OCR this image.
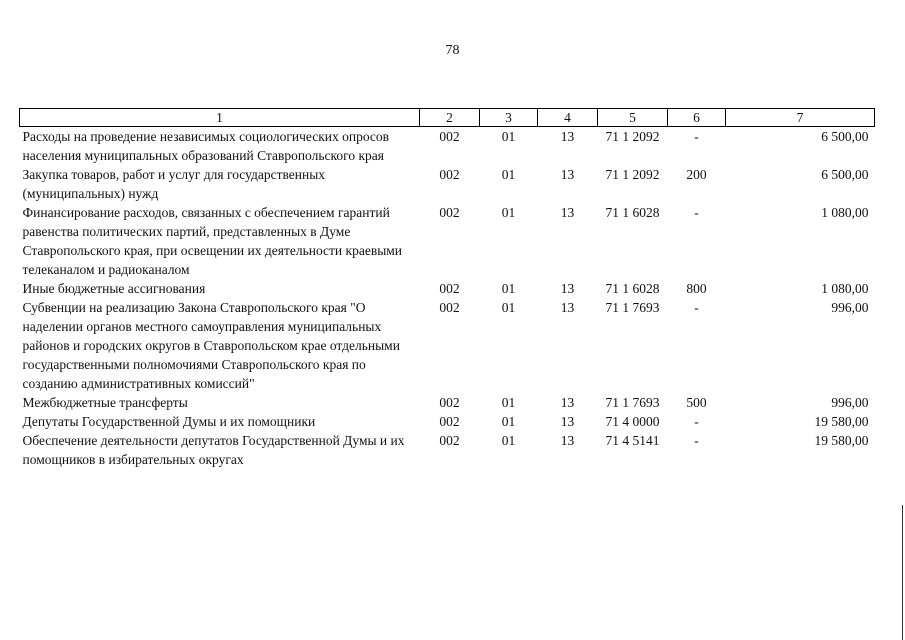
78
1	2	3	4	5	6	7
Расходы на проведение независимых социологических опросов населения муниципальных образований Ставропольского края	002	01	13	71 1 2092	-	6 500,00
Закупка товаров, работ и услуг для государственных (муниципальных) нужд	002	01	13	71 1 2092	200	6 500,00
Финансирование расходов, связанных с обеспечением гарантий равенства политических партий, представленных в Думе Ставропольского края, при освещении их деятельности краевыми телеканалом и радиоканалом	002	01	13	71 1 6028	-	1 080,00
Иные бюджетные ассигнования	002	01	13	71 1 6028	800	1 080,00
Субвенции на реализацию Закона Ставропольского края "О наделении органов местного самоуправления муниципальных районов и городских округов в Ставропольском крае отдельными государственными полномочиями Ставропольского края по созданию административных комиссий"	002	01	13	71 1 7693	-	996,00
Межбюджетные трансферты	002	01	13	71 1 7693	500	996,00
Депутаты Государственной Думы и их помощники	002	01	13	71 4 0000	-	19 580,00
Обеспечение деятельности депутатов Государственной Думы и их помощников в избирательных округах	002	01	13	71 4 5141	-	19 580,00
